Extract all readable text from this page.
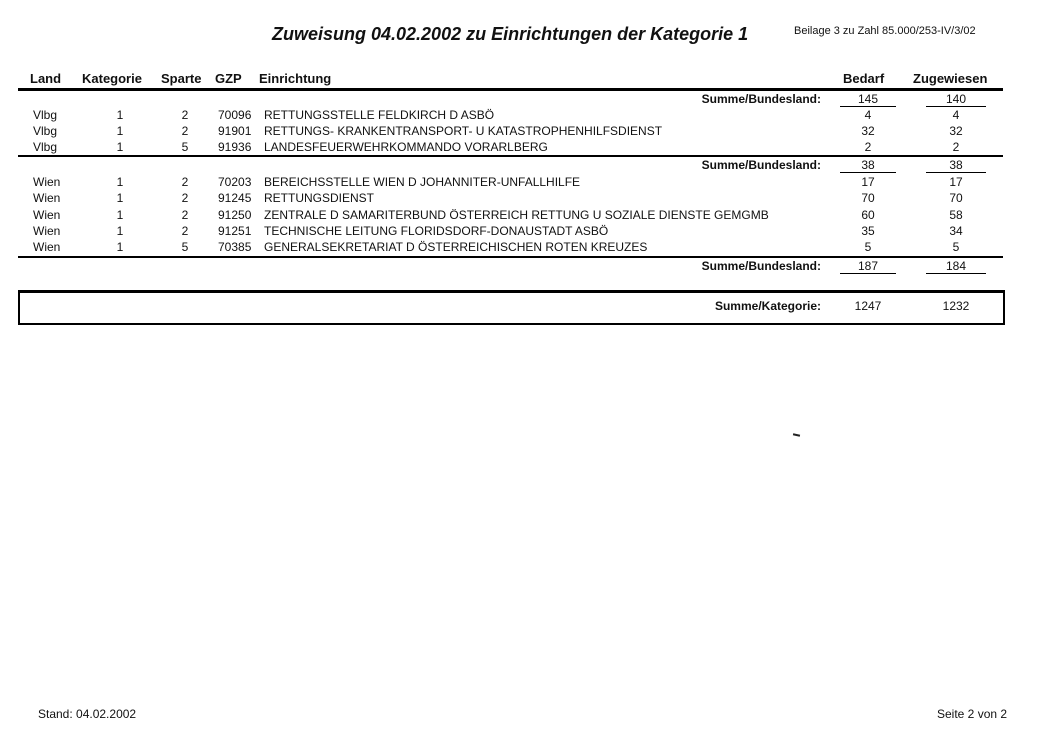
Zuweisung 04.02.2002 zu Einrichtungen der Kategorie 1	Beilage 3 zu Zahl 85.000/253-IV/3/02
Land Kategorie Sparte GZP Einrichtung	Bedarf Zugewiesen
Summe/Bundesland:	145	140
Vlbg	1	2 70096 RETTUNGSSTELLE FELDKIRCH D ASBÖ	4	4
Vlbg	1	2 91901 RETTUNGS- KRANKENTRANSPORT- U KATASTROPHENHILFSDIENST	32	32
Vlbg	1	5 91936 LANDESFEUERWEHRKOMMANDO VORARLBERG	2	2
Summe/Bundesland:	38	38
Wien	1	2 70203 BEREICHSSTELLE WIEN D JOHANNITER-UNFALLHILFE	17	17
Wien	1	2 91245 RETTUNGSDIENST	70	70
Wien	1	2 91250 ZENTRALE D SAMARITERBUND ÖSTERREICH RETTUNG U SOZIALE DIENSTE GEMGMB	60	58
Wien	1	2 91251 TECHNISCHE LEITUNG FLORIDSDORF-DONAUSTADT ASBÖ	35	34
Wien	1	5 70385 GENERALSEKRETARIAT D ÖSTERREICHISCHEN ROTEN KREUZES	5	5
Summe/Bundesland:	187	184
Summe/Kategorie:	1247	1232
Stand: 04.02.2002	Seite 2 von 2
